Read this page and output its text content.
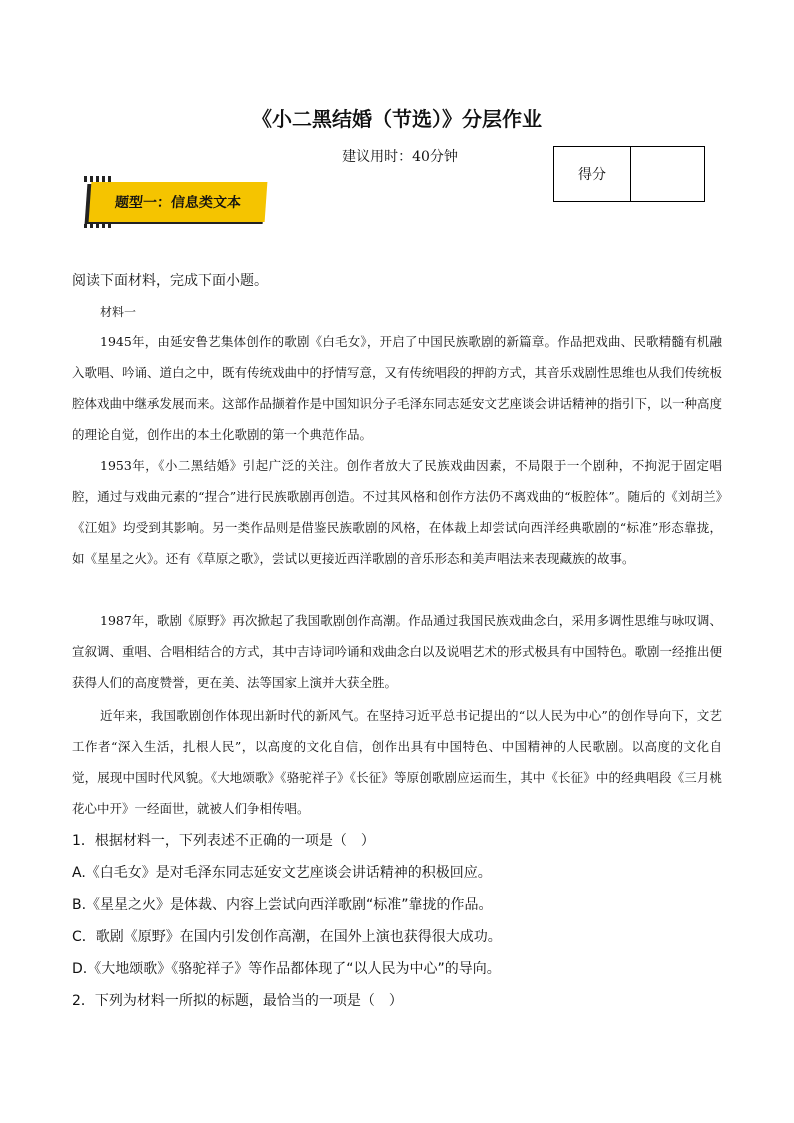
《小二黑结婚（节选）》分层作业
建议用时：40分钟
得分
题型一：信息类文本
阅读下面材料，完成下面小题。
材料一
1945年，由延安鲁艺集体创作的歌剧《白毛女》，开启了中国民族歌剧的新篇章。作品把戏曲、民歌精髓有机融入歌唱、吟诵、道白之中，既有传统戏曲中的抒情写意，又有传统唱段的押韵方式，其音乐戏剧性思维也从我们传统板腔体戏曲中继承发展而来。这部作品撷着作是中国知识分子毛泽东同志延安文艺座谈会讲话精神的指引下，以一种高度的理论自觉，创作出的本土化歌剧的第一个典范作品。
1953年，《小二黑结婚》引起广泛的关注。创作者放大了民族戏曲因素，不局限于一个剧种，不拘泥于固定唱腔，通过与戏曲元素的“捏合”进行民族歌剧再创造。不过其风格和创作方法仍不离戏曲的“板腔体”。随后的《刘胡兰》《江姐》均受到其影响。另一类作品则是借鉴民族歌剧的风格，在体裁上却尝试向西洋经典歌剧的“标准”形态靠拢，如《星星之火》。还有《草原之歌》，尝试以更接近西洋歌剧的音乐形态和美声唱法来表现藏族的故事。
1987年，歌剧《原野》再次掀起了我国歌剧创作高潮。作品通过我国民族戏曲念白，采用多调性思维与咏叹调、宣叙调、重唱、合唱相结合的方式，其中吉诗词吟诵和戏曲念白以及说唱艺术的形式极具有中国特色。歌剧一经推出便获得人们的高度赞誉，更在美、法等国家上演并大获全胜。
近年来，我国歌剧创作体现出新时代的新风气。在坚持习近平总书记提出的“以人民为中心”的创作导向下，文艺工作者“深入生活，扎根人民”，以高度的文化自信，创作出具有中国特色、中国精神的人民歌剧。以高度的文化自觉，展现中国时代风貌。《大地颂歌》《骆驼祥子》《长征》等原创歌剧应运而生，其中《长征》中的经典唱段《三月桃花心中开》一经面世，就被人们争相传唱。
1．根据材料一，下列表述不正确的一项是（　）
A.《白毛女》是对毛泽东同志延安文艺座谈会讲话精神的积极回应。
B.《星星之火》是体裁、内容上尝试向西洋歌剧“标准”靠拢的作品。
C．歌剧《原野》在国内引发创作高潮，在国外上演也获得很大成功。
D.《大地颂歌》《骆驼祥子》等作品都体现了“以人民为中心”的导向。
2．下列为材料一所拟的标题，最恰当的一项是（　）
